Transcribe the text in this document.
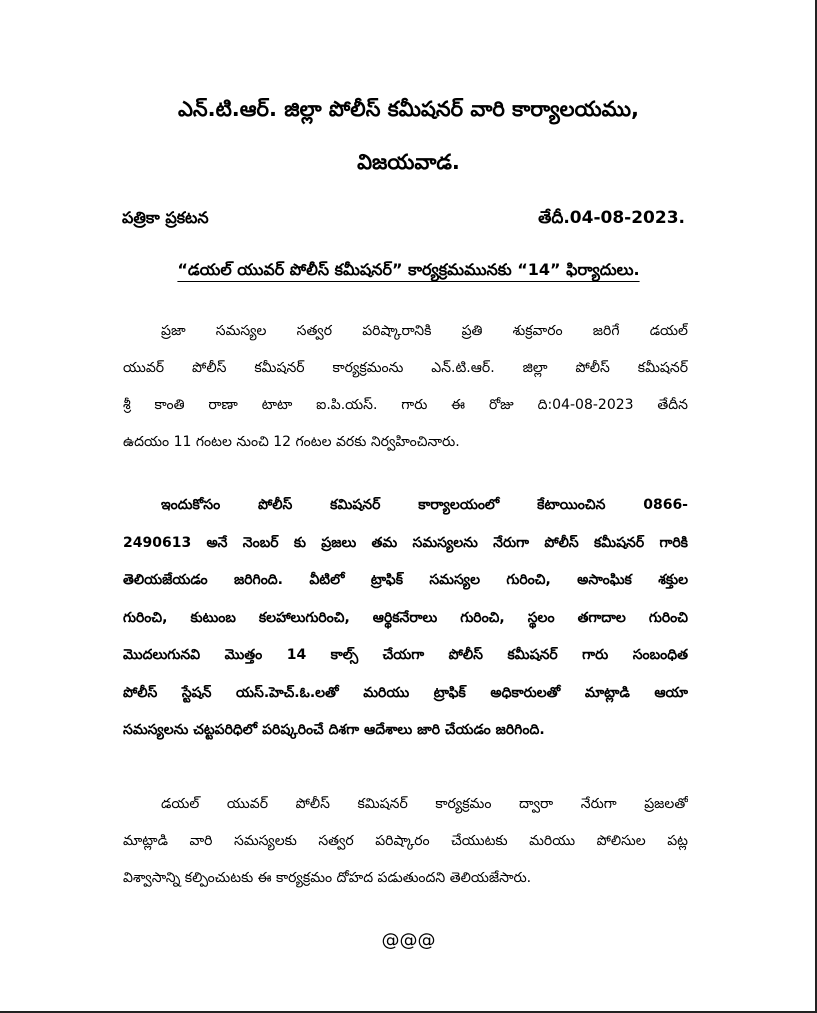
ఎన్.టి.ఆర్. జిల్లా పోలీస్ కమీషనర్ వారి కార్యాలయము,
విజయవాడ.
పత్రికా ప్రకటన	తేదీ.04-08-2023.
“డయల్ యువర్ పోలీస్ కమీషనర్” కార్యక్రమమునకు “14” ఫిర్యాదులు.
ప్రజా సమస్యల సత్వర పరిష్కారానికి ప్రతి శుక్రవారం జరిగే డయల్
యువర్ పోలీస్ కమీషనర్ కార్యక్రమంను ఎన్.టి.ఆర్. జిల్లా పోలీస్ కమీషనర్
శ్రీ కాంతి రాణా టాటా ఐ.పి.యస్. గారు ఈ రోజు ది:04-08-2023 తేదీన
ఉదయం 11 గంటల నుంచి 12 గంటల వరకు నిర్వహించినారు.
ఇందుకోసం పోలీస్ కమిషనర్ కార్యాలయంలో కేటాయించిన 0866-
2490613 అనే నెంబర్ కు ప్రజలు తమ సమస్యలను నేరుగా పోలీస్ కమీషనర్ గారికి
తెలియజేయడం జరిగింది. వీటిలో ట్రాఫిక్ సమస్యల గురించి, అసాంఘిక శక్తుల
గురించి, కుటుంబ కలహాలుగురించి, ఆర్థికనేరాలు గురించి, స్థలం తగాదాల గురించి
మొదలుగునవి మొత్తం 14 కాల్స్ చేయగా పోలీస్ కమీషనర్ గారు సంబంధిత
పోలీస్ స్టేషన్ యస్.హెచ్.ఓ.లతో మరియు ట్రాఫిక్ అధికారులతో మాట్లాడి ఆయా
సమస్యలను చట్టపరిధిలో పరిష్కరించే దిశగా ఆదేశాలు జారి చేయడం జరిగింది.
డయల్ యువర్ పోలీస్ కమిషనర్ కార్యక్రమం ద్వారా నేరుగా ప్రజలతో
మాట్లాడి వారి సమస్యలకు సత్వర పరిష్కారం చేయుటకు మరియు పోలిసుల పట్ల
విశ్వాసాన్ని కల్పించుటకు ఈ కార్యక్రమం దోహద పడుతుందని తెలియజేసారు.
@@@
